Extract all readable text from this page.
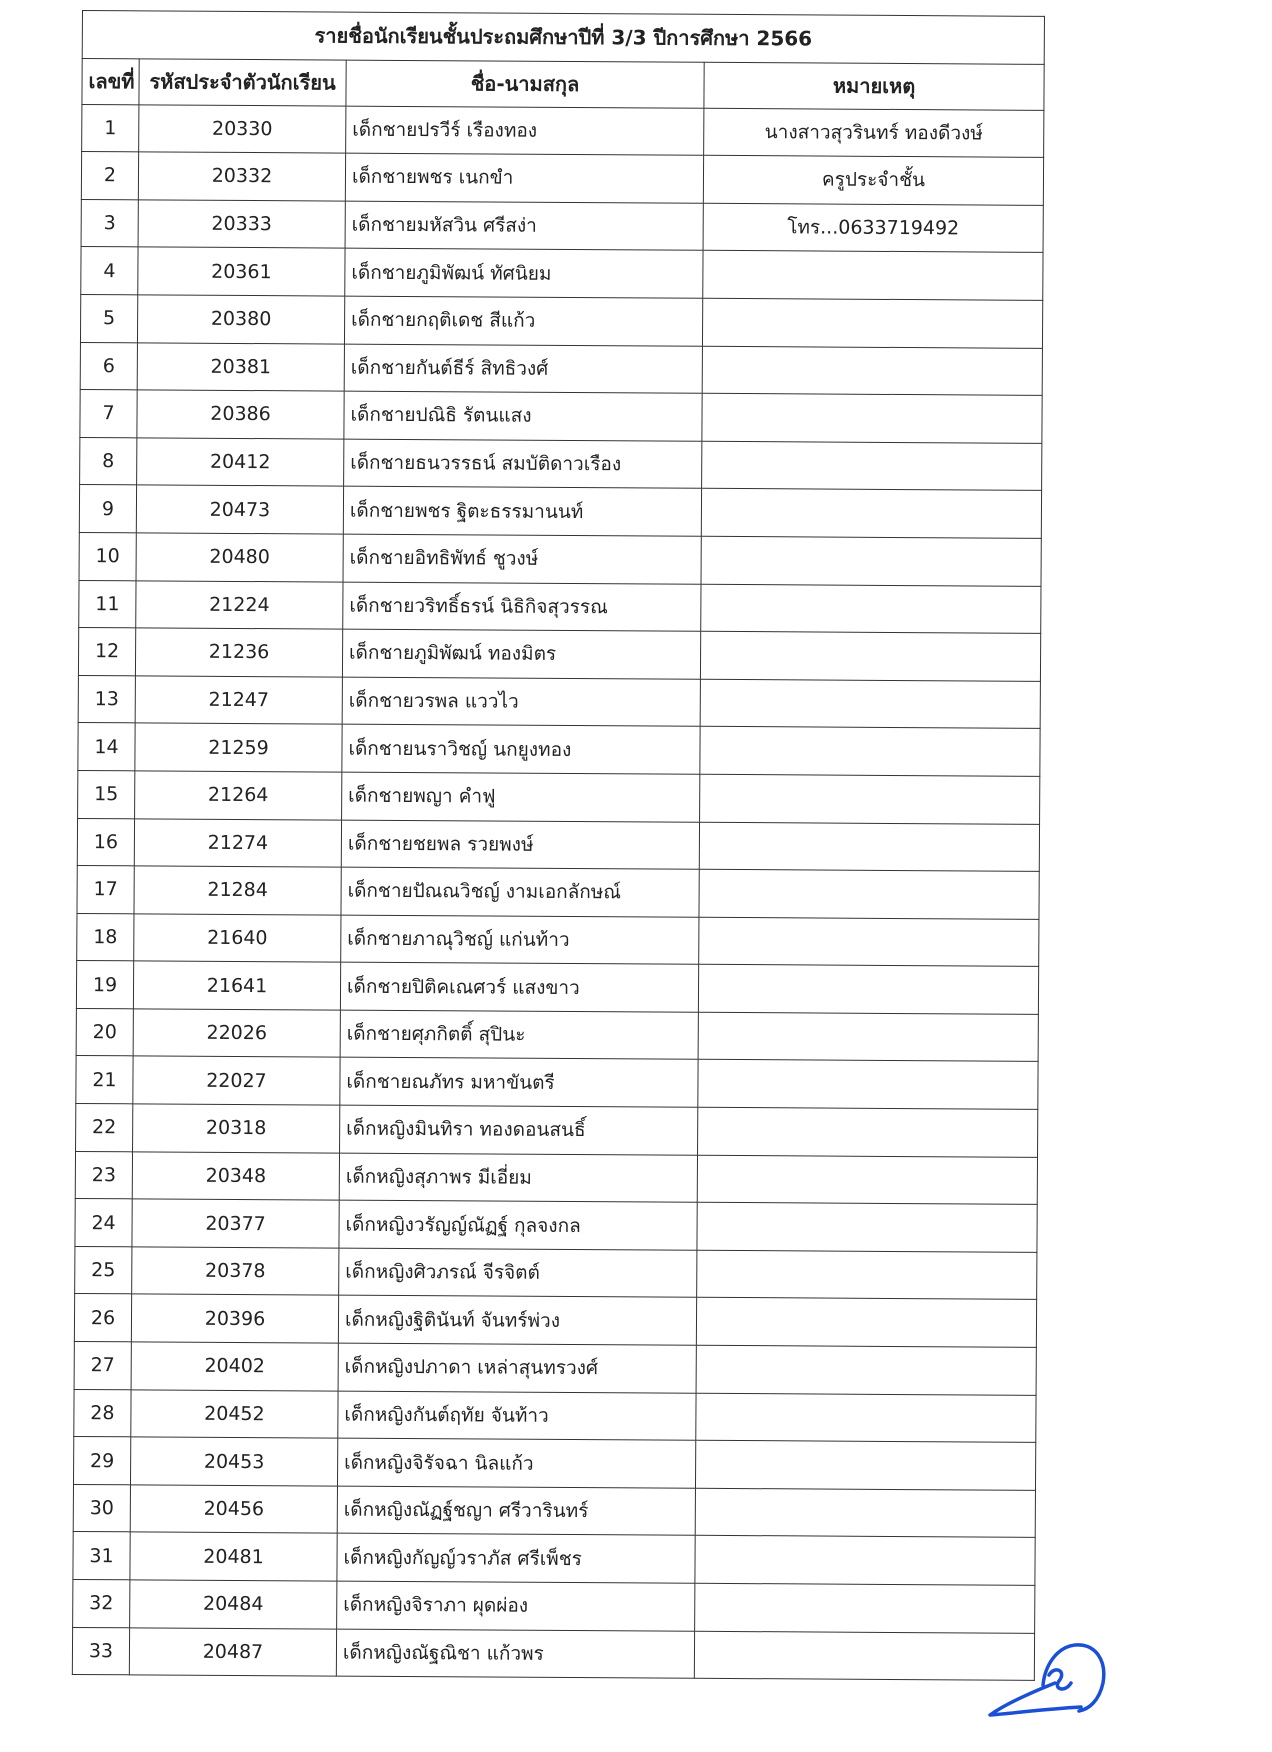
รายชื่อนักเรียนชั้นประถมศึกษาปีที่ 3/3 ปีการศึกษา 2566			
เลขที่	รหัสประจำตัวนักเรียน	ชื่อ-นามสกุล	หมายเหตุ
1	20330	เด็กชายปรวีร์ เรืองทอง	นางสาวสุวรินทร์ ทองดีวงษ์
2	20332	เด็กชายพชร เนกขำ	ครูประจำชั้น
3	20333	เด็กชายมหัสวิน ศรีสง่า	โทร...0633719492
4	20361	เด็กชายภูมิพัฒน์ ทัศนิยม	
5	20380	เด็กชายกฤติเดช สีแก้ว	
6	20381	เด็กชายกันต์ธีร์ สิทธิวงศ์	
7	20386	เด็กชายปณิธิ รัตนแสง	
8	20412	เด็กชายธนวรรธน์ สมบัติดาวเรือง	
9	20473	เด็กชายพชร ฐิตะธรรมานนท์	
10	20480	เด็กชายอิทธิพัทธ์ ชูวงษ์	
11	21224	เด็กชายวริทธิ์ธรน์ นิธิกิจสุวรรณ	
12	21236	เด็กชายภูมิพัฒน์ ทองมิตร	
13	21247	เด็กชายวรพล แววไว	
14	21259	เด็กชายนราวิชญ์ นกยูงทอง	
15	21264	เด็กชายพญา คำฟู	
16	21274	เด็กชายชยพล รวยพงษ์	
17	21284	เด็กชายปัณณวิชญ์ งามเอกลักษณ์	
18	21640	เด็กชายภาณุวิชญ์ แก่นท้าว	
19	21641	เด็กชายปิติคเณศวร์ แสงขาว	
20	22026	เด็กชายศุภกิตติ์ สุปินะ	
21	22027	เด็กชายณภัทร มหาขันตรี	
22	20318	เด็กหญิงมินทิรา ทองดอนสนธิ์	
23	20348	เด็กหญิงสุภาพร มีเอี่ยม	
24	20377	เด็กหญิงวรัญญ์ณัฏฐ์ กุลจงกล	
25	20378	เด็กหญิงศิวภรณ์ จีรจิตต์	
26	20396	เด็กหญิงฐิตินันท์ จันทร์พ่วง	
27	20402	เด็กหญิงปภาดา เหล่าสุนทรวงศ์	
28	20452	เด็กหญิงกันต์ฤทัย จันท้าว	
29	20453	เด็กหญิงจิรัจฉา นิลแก้ว	
30	20456	เด็กหญิงณัฏฐ์ชญา ศรีวารินทร์	
31	20481	เด็กหญิงกัญญ์วราภัส ศรีเพ็ชร	
32	20484	เด็กหญิงจิราภา ผุดผ่อง	
33	20487	เด็กหญิงณัฐณิชา แก้วพร	
